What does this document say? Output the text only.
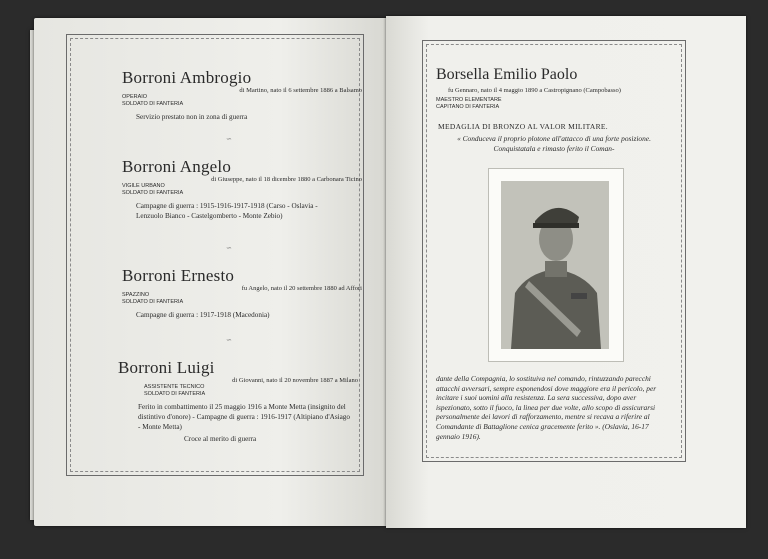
Borroni Ambrogio
di Martino, nato il 6 settembre 1886 a Balsamo
OPERAIO
SOLDATO DI FANTERIA
Servizio prestato non in zona di guerra
∽
Borroni Angelo
di Giuseppe, nato il 18 dicembre 1880 a Carbonara Ticino
VIGILE URBANO
SOLDATO DI FANTERIA
Campagne di guerra : 1915-1916-1917-1918 (Carso - Oslavia - Lenzuolo Bianco - Castelgomberto - Monte Zebio)
∽
Borroni Ernesto
fu Angelo, nato il 20 settembre 1880 ad Affori
SPAZZINO
SOLDATO DI FANTERIA
Campagne di guerra : 1917-1918 (Macedonia)
∽
Borroni Luigi
di Giovanni, nato il 20 novembre 1887 a Milano
ASSISTENTE TECNICO
SOLDATO DI FANTERIA
Ferito in combattimento il 25 maggio 1916 a Monte Metta (insignito del distintivo d'onore) - Campagne di guerra : 1916-1917 (Altipiano d'Asiago - Monte Metta)
Croce al merito di guerra
Borsella Emilio Paolo
fu Gennaro, nato il 4 maggio 1890 a Castropignano (Campobasso)
MAESTRO ELEMENTARE
CAPITANO DI FANTERIA
MEDAGLIA DI BRONZO AL VALOR MILITARE.
« Conduceva il proprio plotone all'attacco di una forte posizione. Conquistatala e rimasto ferito il Coman-
dante della Compagnia, lo sostituiva nel comando, rintuzzando parecchi attacchi avversari, sempre esponendosi dove maggiore era il pericolo, per incitare i suoi uomini alla resistenza. La sera successiva, dopo aver ispezionato, sotto il fuoco, la linea per due volte, allo scopo di assicurarsi personalmente dei lavori di rafforzamento, mentre si recava a riferire al Comandante di Battaglione cenica gracemente ferito ». (Oslavia, 16-17 gennaio 1916).
